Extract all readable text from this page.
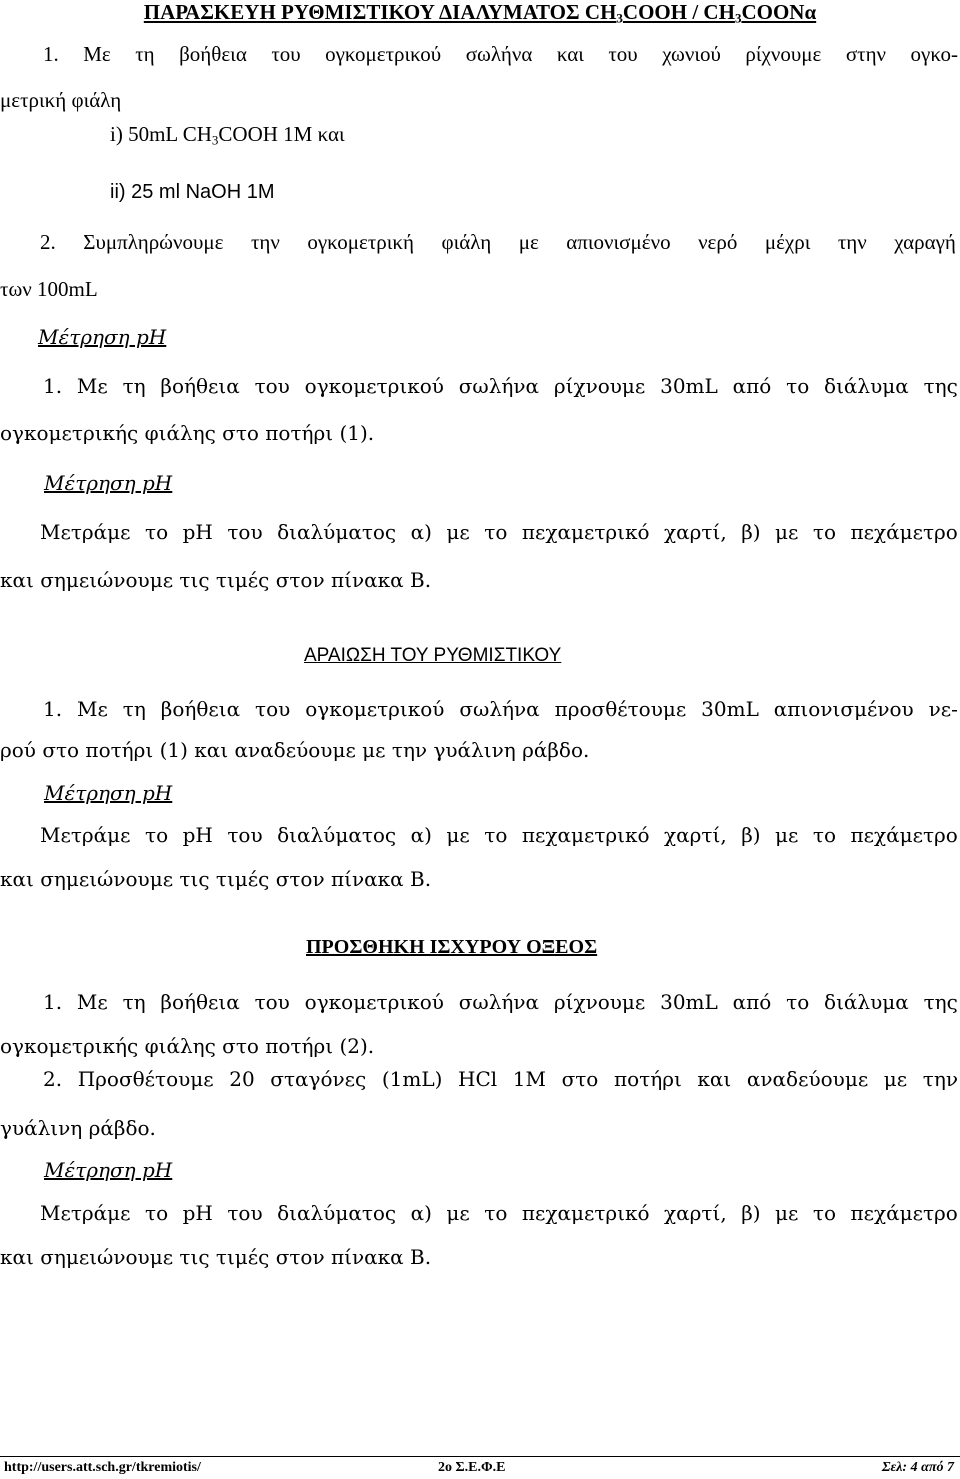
ΠΑΡΑΣΚΕΥΗ ΡΥΘΜΙΣΤΙΚΟΥ ΔΙΑΛΥΜΑΤΟΣ $CH_3COOH$ / $CH_3COON\alpha$
1. Με τη βοήθεια του ογκομετρικού σωλήνα και του χωνιού ρίχνουμε στην ογκο-
μετρική φιάλη
i) 50mL $CH_3COOH$ 1M και
ii) 25 ml NaOH 1M
2. Συμπληρώνουμε την ογκομετρική φιάλη με απιονισμένο νερό μέχρι την χαραγή
των 100mL
Μέτρηση pH
1. Με τη βοήθεια του ογκομετρικού σωλήνα ρίχνουμε 30mL από το διάλυμα της
ογκομετρικής φιάλης στο ποτήρι (1).
Μέτρηση pH
Μετράμε το pH του διαλύματος α) με το πεχαμετρικό χαρτί, β) με το πεχάμετρο
και σημειώνουμε τις τιμές στον πίνακα Β.
ΑΡΑΙΩΣΗ ΤΟΥ ΡΥΘΜΙΣΤΙΚΟΥ
1. Με τη βοήθεια του ογκομετρικού σωλήνα προσθέτουμε 30mL απιονισμένου νε-
ρού στο ποτήρι (1) και αναδεύουμε με την γυάλινη ράβδο.
Μέτρηση pH
Μετράμε το pH του διαλύματος α) με το πεχαμετρικό χαρτί, β) με το πεχάμετρο
και σημειώνουμε τις τιμές στον πίνακα Β.
ΠΡΟΣΘΗΚΗ ΙΣΧΥΡΟΥ ΟΞΕΟΣ
1. Με τη βοήθεια του ογκομετρικού σωλήνα ρίχνουμε 30mL από το διάλυμα της
ογκομετρικής φιάλης στο ποτήρι (2).
2. Προσθέτουμε 20 σταγόνες (1mL) HCl 1M στο ποτήρι και αναδεύουμε με την
γυάλινη ράβδο.
Μέτρηση pH
Μετράμε το pH του διαλύματος α) με το πεχαμετρικό χαρτί, β) με το πεχάμετρο
και σημειώνουμε τις τιμές στον πίνακα Β.
http://users.att.sch.gr/tkremiotis/	2ο Σ.Ε.Φ.Ε	Σελ: 4 από 7
